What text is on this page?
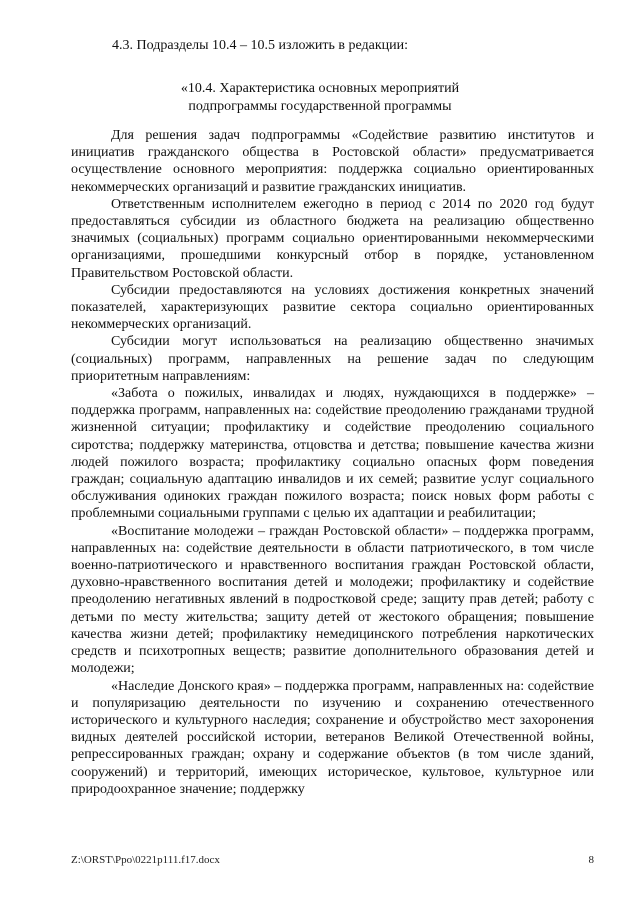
4.3. Подразделы 10.4 – 10.5 изложить в редакции:

«10.4. Характеристика основных мероприятий
подпрограммы государственной программы

Для решения задач подпрограммы «Содействие развитию институтов и инициатив гражданского общества в Ростовской области» предусматривается осуществление основного мероприятия: поддержка социально ориентированных некоммерческих организаций и развитие гражданских инициатив.

Ответственным исполнителем ежегодно в период с 2014 по 2020 год будут предоставляться субсидии из областного бюджета на реализацию общественно значимых (социальных) программ социально ориентированными некоммерческими организациями, прошедшими конкурсный отбор в порядке, установленном Правительством Ростовской области.

Субсидии предоставляются на условиях достижения конкретных значений показателей, характеризующих развитие сектора социально ориентированных некоммерческих организаций.

Субсидии могут использоваться на реализацию общественно значимых (социальных) программ, направленных на решение задач по следующим приоритетным направлениям:

«Забота о пожилых, инвалидах и людях, нуждающихся в поддержке» – поддержка программ, направленных на: содействие преодолению гражданами трудной жизненной ситуации; профилактику и содействие преодолению социального сиротства; поддержку материнства, отцовства и детства; повышение качества жизни людей пожилого возраста; профилактику социально опасных форм поведения граждан; социальную адаптацию инвалидов и их семей; развитие услуг социального обслуживания одиноких граждан пожилого возраста; поиск новых форм работы с проблемными социальными группами с целью их адаптации и реабилитации;

«Воспитание молодежи – граждан Ростовской области» – поддержка программ, направленных на: содействие деятельности в области патриотического, в том числе военно-патриотического и нравственного воспитания граждан Ростовской области, духовно-нравственного воспитания детей и молодежи; профилактику и содействие преодолению негативных явлений в подростковой среде; защиту прав детей; работу с детьми по месту жительства; защиту детей от жестокого обращения; повышение качества жизни детей; профилактику немедицинского потребления наркотических средств и психотропных веществ; развитие дополнительного образования детей и молодежи;

«Наследие Донского края» – поддержка программ, направленных на: содействие и популяризацию деятельности по изучению и сохранению отечественного исторического и культурного наследия; сохранение и обустройство мест захоронения видных деятелей российской истории, ветеранов Великой Отечественной войны, репрессированных граждан; охрану и содержание объектов (в том числе зданий, сооружений) и территорий, имеющих историческое, культовое, культурное или природоохранное значение; поддержку

Z:\ORST\Ppo\0221p111.f17.docx	8
